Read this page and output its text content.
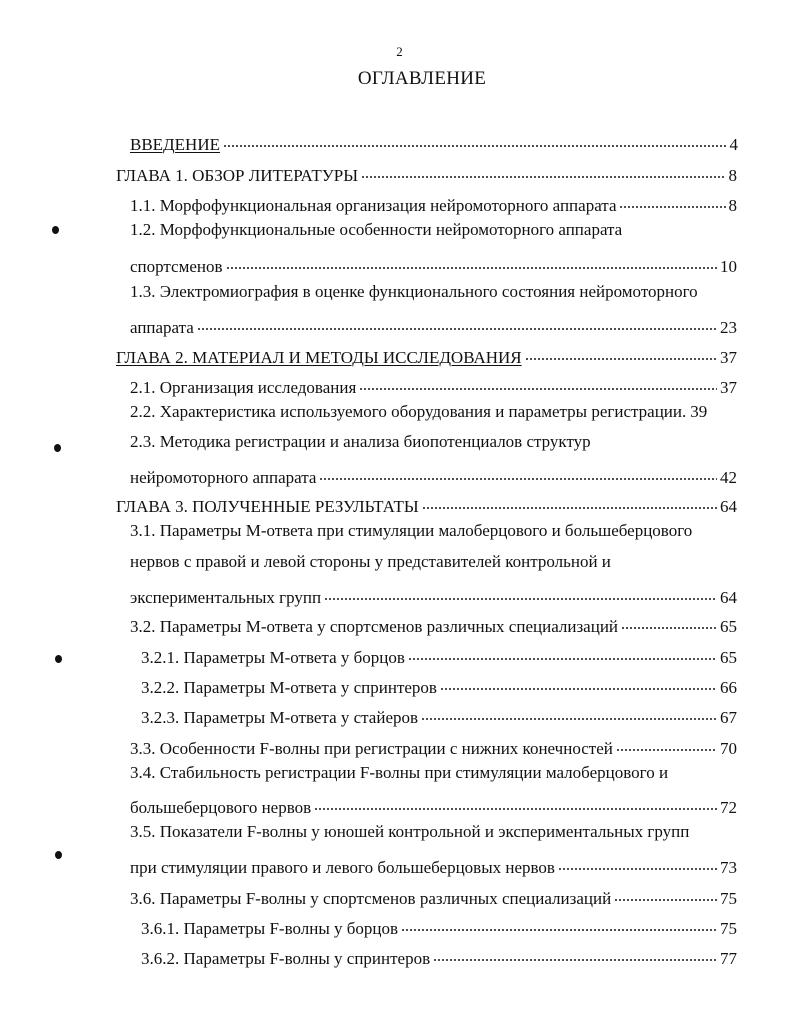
2
ОГЛАВЛЕНИЕ
ВВЕДЕНИЕ	4
ГЛАВА 1. ОБЗОР ЛИТЕРАТУРЫ	8
1.1. Морфофункциональная организация нейромоторного аппарата	8
1.2. Морфофункциональные особенности нейромоторного аппарата
спортсменов	10
1.3. Электромиография в оценке функционального состояния нейромоторного
аппарата	23
ГЛАВА 2. МАТЕРИАЛ И МЕТОДЫ ИССЛЕДОВАНИЯ	37
2.1. Организация исследования	37
2.2. Характеристика используемого оборудования и параметры регистрации. 39
2.3. Методика регистрации и анализа биопотенциалов структур
нейромоторного аппарата	42
ГЛАВА 3. ПОЛУЧЕННЫЕ РЕЗУЛЬТАТЫ	64
3.1. Параметры М-ответа при стимуляции малоберцового и большеберцового
нервов с правой и левой стороны у представителей контрольной и
экспериментальных групп	64
3.2. Параметры М-ответа у спортсменов различных специализаций	65
3.2.1. Параметры М-ответа у борцов	65
3.2.2. Параметры М-ответа у спринтеров	66
3.2.3. Параметры М-ответа у стайеров	67
3.3. Особенности F-волны при регистрации с нижних конечностей	70
3.4. Стабильность регистрации F-волны при стимуляции малоберцового и
большеберцового нервов	72
3.5. Показатели F-волны у юношей контрольной и экспериментальных групп
при стимуляции правого и левого большеберцовых нервов	73
3.6. Параметры F-волны у спортсменов различных специализаций	75
3.6.1. Параметры F-волны у борцов	75
3.6.2. Параметры F-волны у спринтеров	77
